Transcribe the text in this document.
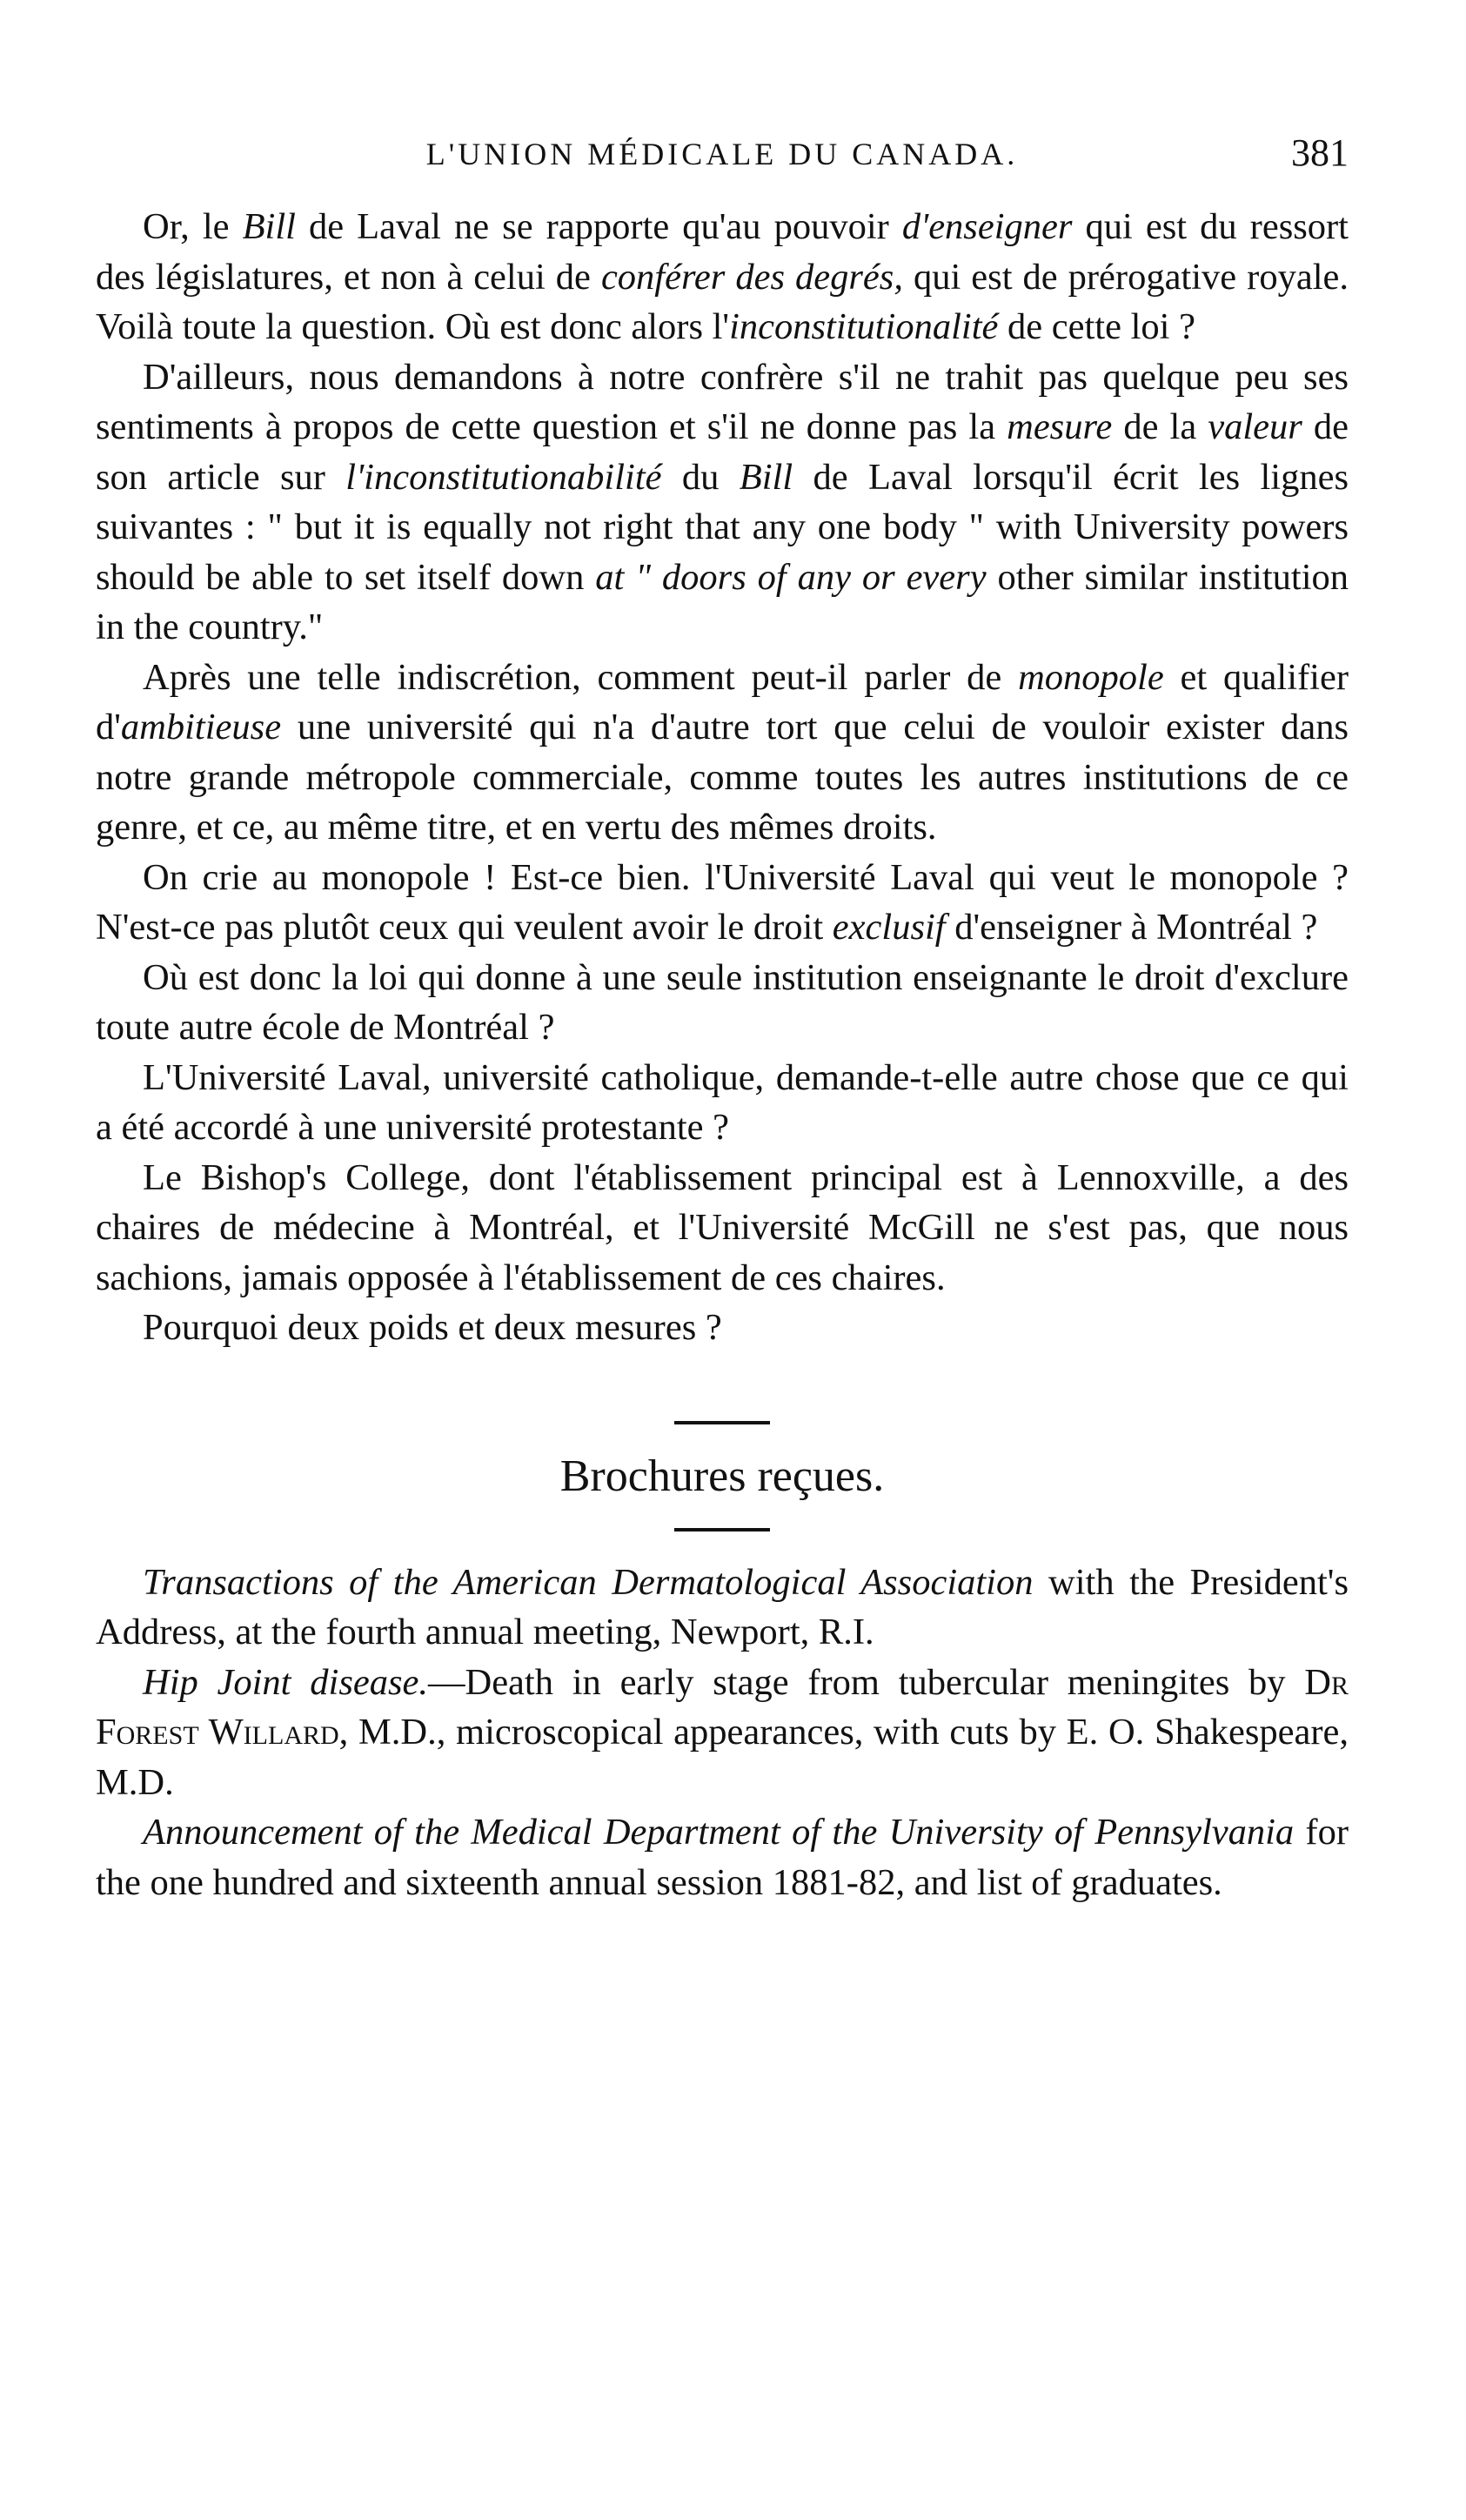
L'UNION MÉDICALE DU CANADA.	381

Or, le Bill de Laval ne se rapporte qu'au pouvoir d'enseigner qui est du ressort des législatures, et non à celui de conférer des degrés, qui est de prérogative royale. Voilà toute la question. Où est donc alors l'inconstitutionalité de cette loi ?

D'ailleurs, nous demandons à notre confrère s'il ne trahit pas quelque peu ses sentiments à propos de cette question et s'il ne donne pas la mesure de la valeur de son article sur l'inconstitutionabilité du Bill de Laval lorsqu'il écrit les lignes suivantes : " but it is equally not right that any one body " with University powers should be able to set itself down at " doors of any or every other similar institution in the country."

Après une telle indiscrétion, comment peut-il parler de monopole et qualifier d'ambitieuse une université qui n'a d'autre tort que celui de vouloir exister dans notre grande métropole commerciale, comme toutes les autres institutions de ce genre, et ce, au même titre, et en vertu des mêmes droits.

On crie au monopole ! Est-ce bien. l'Université Laval qui veut le monopole ? N'est-ce pas plutôt ceux qui veulent avoir le droit exclusif d'enseigner à Montréal ?

Où est donc la loi qui donne à une seule institution enseignante le droit d'exclure toute autre école de Montréal ?

L'Université Laval, université catholique, demande-t-elle autre chose que ce qui a été accordé à une université protestante ?

Le Bishop's College, dont l'établissement principal est à Lennoxville, a des chaires de médecine à Montréal, et l'Université McGill ne s'est pas, que nous sachions, jamais opposée à l'établissement de ces chaires.

Pourquoi deux poids et deux mesures ?

Brochures reçues.

Transactions of the American Dermatological Association with the President's Address, at the fourth annual meeting, Newport, R.I.

Hip Joint disease.—Death in early stage from tubercular meningites by Dr Forest Willard, M.D., microscopical appearances, with cuts by E. O. Shakespeare, M.D.

Announcement of the Medical Department of the University of Pennsylvania for the one hundred and sixteenth annual session 1881-82, and list of graduates.
